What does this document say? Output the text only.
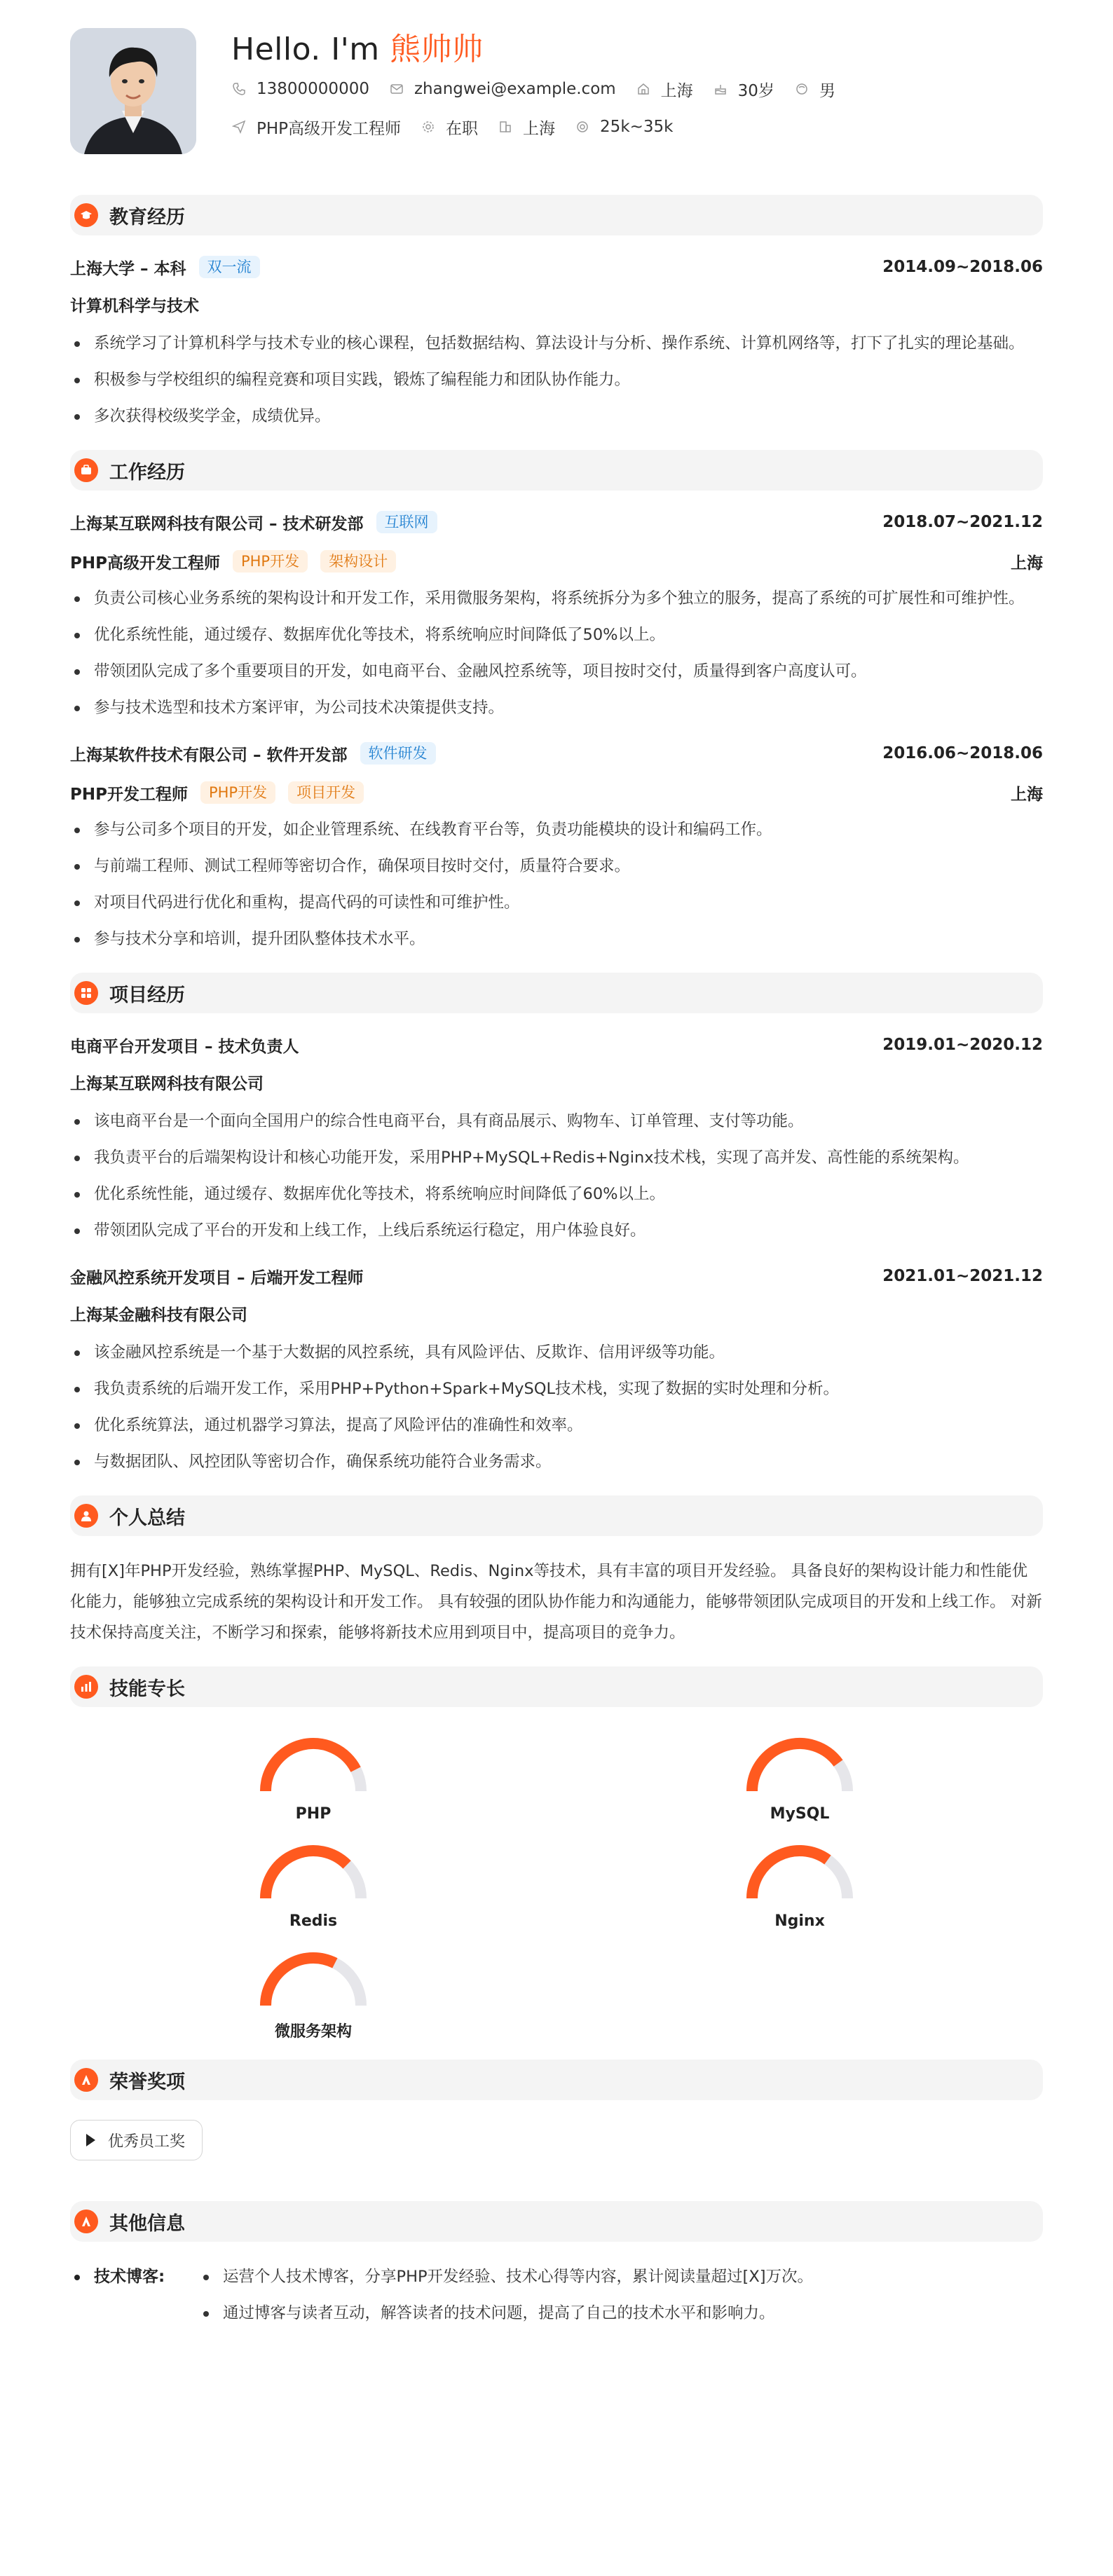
Hello. I'm 熊帅帅
13800000000	zhangwei@example.com	上海	30岁	男
PHP高级开发工程师	在职	上海	25k~35k
教育经历
上海大学 – 本科	双一流	2014.09~2018.06
计算机科学与技术
系统学习了计算机科学与技术专业的核心课程，包括数据结构、算法设计与分析、操作系统、计算机网络等，打下了扎实的理论基础。
积极参与学校组织的编程竞赛和项目实践，锻炼了编程能力和团队协作能力。
多次获得校级奖学金，成绩优异。
工作经历
上海某互联网科技有限公司 – 技术研发部	互联网	2018.07~2021.12
PHP高级开发工程师	PHP开发	架构设计	上海
负责公司核心业务系统的架构设计和开发工作，采用微服务架构，将系统拆分为多个独立的服务，提高了系统的可扩展性和可维护性。
优化系统性能，通过缓存、数据库优化等技术，将系统响应时间降低了50%以上。
带领团队完成了多个重要项目的开发，如电商平台、金融风控系统等，项目按时交付，质量得到客户高度认可。
参与技术选型和技术方案评审，为公司技术决策提供支持。
上海某软件技术有限公司 – 软件开发部	软件研发	2016.06~2018.06
PHP开发工程师	PHP开发	项目开发	上海
参与公司多个项目的开发，如企业管理系统、在线教育平台等，负责功能模块的设计和编码工作。
与前端工程师、测试工程师等密切合作，确保项目按时交付，质量符合要求。
对项目代码进行优化和重构，提高代码的可读性和可维护性。
参与技术分享和培训，提升团队整体技术水平。
项目经历
电商平台开发项目 – 技术负责人	2019.01~2020.12
上海某互联网科技有限公司
该电商平台是一个面向全国用户的综合性电商平台，具有商品展示、购物车、订单管理、支付等功能。
我负责平台的后端架构设计和核心功能开发，采用PHP+MySQL+Redis+Nginx技术栈，实现了高并发、高性能的系统架构。
优化系统性能，通过缓存、数据库优化等技术，将系统响应时间降低了60%以上。
带领团队完成了平台的开发和上线工作，上线后系统运行稳定，用户体验良好。
金融风控系统开发项目 – 后端开发工程师	2021.01~2021.12
上海某金融科技有限公司
该金融风控系统是一个基于大数据的风控系统，具有风险评估、反欺诈、信用评级等功能。
我负责系统的后端开发工作，采用PHP+Python+Spark+MySQL技术栈，实现了数据的实时处理和分析。
优化系统算法，通过机器学习算法，提高了风险评估的准确性和效率。
与数据团队、风控团队等密切合作，确保系统功能符合业务需求。
个人总结
拥有[X]年PHP开发经验，熟练掌握PHP、MySQL、Redis、Nginx等技术，具有丰富的项目开发经验。 具备良好的架构设计能力和性能优化能力，能够独立完成系统的架构设计和开发工作。 具有较强的团队协作能力和沟通能力，能够带领团队完成项目的开发和上线工作。 对新技术保持高度关注，不断学习和探索，能够将新技术应用到项目中，提高项目的竞争力。
技能专长
PHP	MySQL
Redis	Nginx
微服务架构
荣誉奖项
优秀员工奖
其他信息
技术博客:	运营个人技术博客，分享PHP开发经验、技术心得等内容，累计阅读量超过[X]万次。
通过博客与读者互动，解答读者的技术问题，提高了自己的技术水平和影响力。
